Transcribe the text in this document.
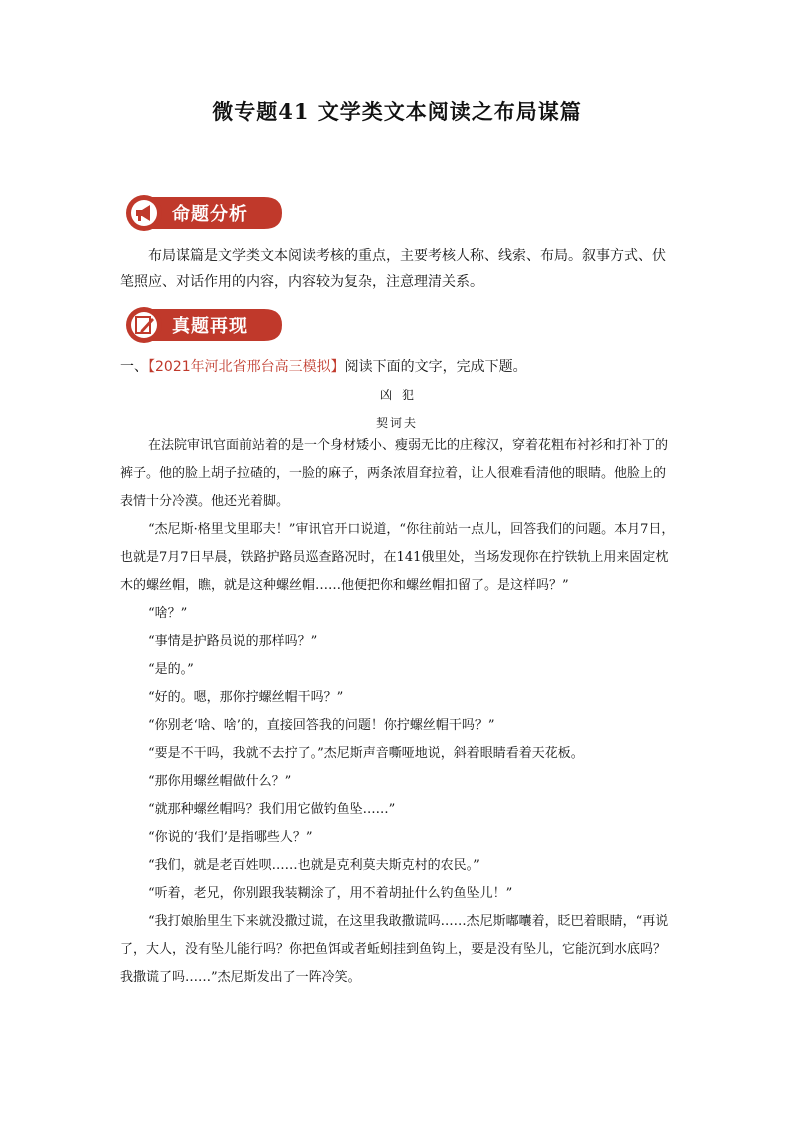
微专题41 文学类文本阅读之布局谋篇
命题分析

布局谋篇是文学类文本阅读考核的重点，主要考核人称、线索、布局。叙事方式、伏笔照应、对话作用的内容，内容较为复杂，注意理清关系。

真题再现
一、【2021年河北省邢台高三模拟】阅读下面的文字，完成下题。
凶犯
契诃夫

在法院审讯官面前站着的是一个身材矮小、瘦弱无比的庄稼汉，穿着花粗布衬衫和打补丁的裤子。他的脸上胡子拉碴的，一脸的麻子，两条浓眉耷拉着，让人很难看清他的眼睛。他脸上的表情十分冷漠。他还光着脚。

“杰尼斯·格里戈里耶夫！”审讯官开口说道，“你往前站一点儿，回答我们的问题。本月7日，也就是7月7日早晨，铁路护路员巡查路况时，在141俄里处，当场发现你在拧铁轨上用来固定枕木的螺丝帽，瞧，就是这种螺丝帽……他便把你和螺丝帽扣留了。是这样吗？”

“啥？”

“事情是护路员说的那样吗？”

“是的。”

“好的。嗯，那你拧螺丝帽干吗？”

“你别老‘啥、啥’的，直接回答我的问题！你拧螺丝帽干吗？”

“要是不干吗，我就不去拧了。”杰尼斯声音嘶哑地说，斜着眼睛看着天花板。

“那你用螺丝帽做什么？”

“就那种螺丝帽吗？我们用它做钓鱼坠……”

“你说的‘我们’是指哪些人？”

“我们，就是老百姓呗……也就是克利莫夫斯克村的农民。”

“听着，老兄，你别跟我装糊涂了，用不着胡扯什么钓鱼坠儿！”

“我打娘胎里生下来就没撒过谎，在这里我敢撒谎吗……杰尼斯嘟囔着，眨巴着眼睛，“再说了，大人，没有坠儿能行吗？你把鱼饵或者蚯蚓挂到鱼钩上，要是没有坠儿，它能沉到水底吗？我撒谎了吗……”杰尼斯发出了一阵冷笑。
